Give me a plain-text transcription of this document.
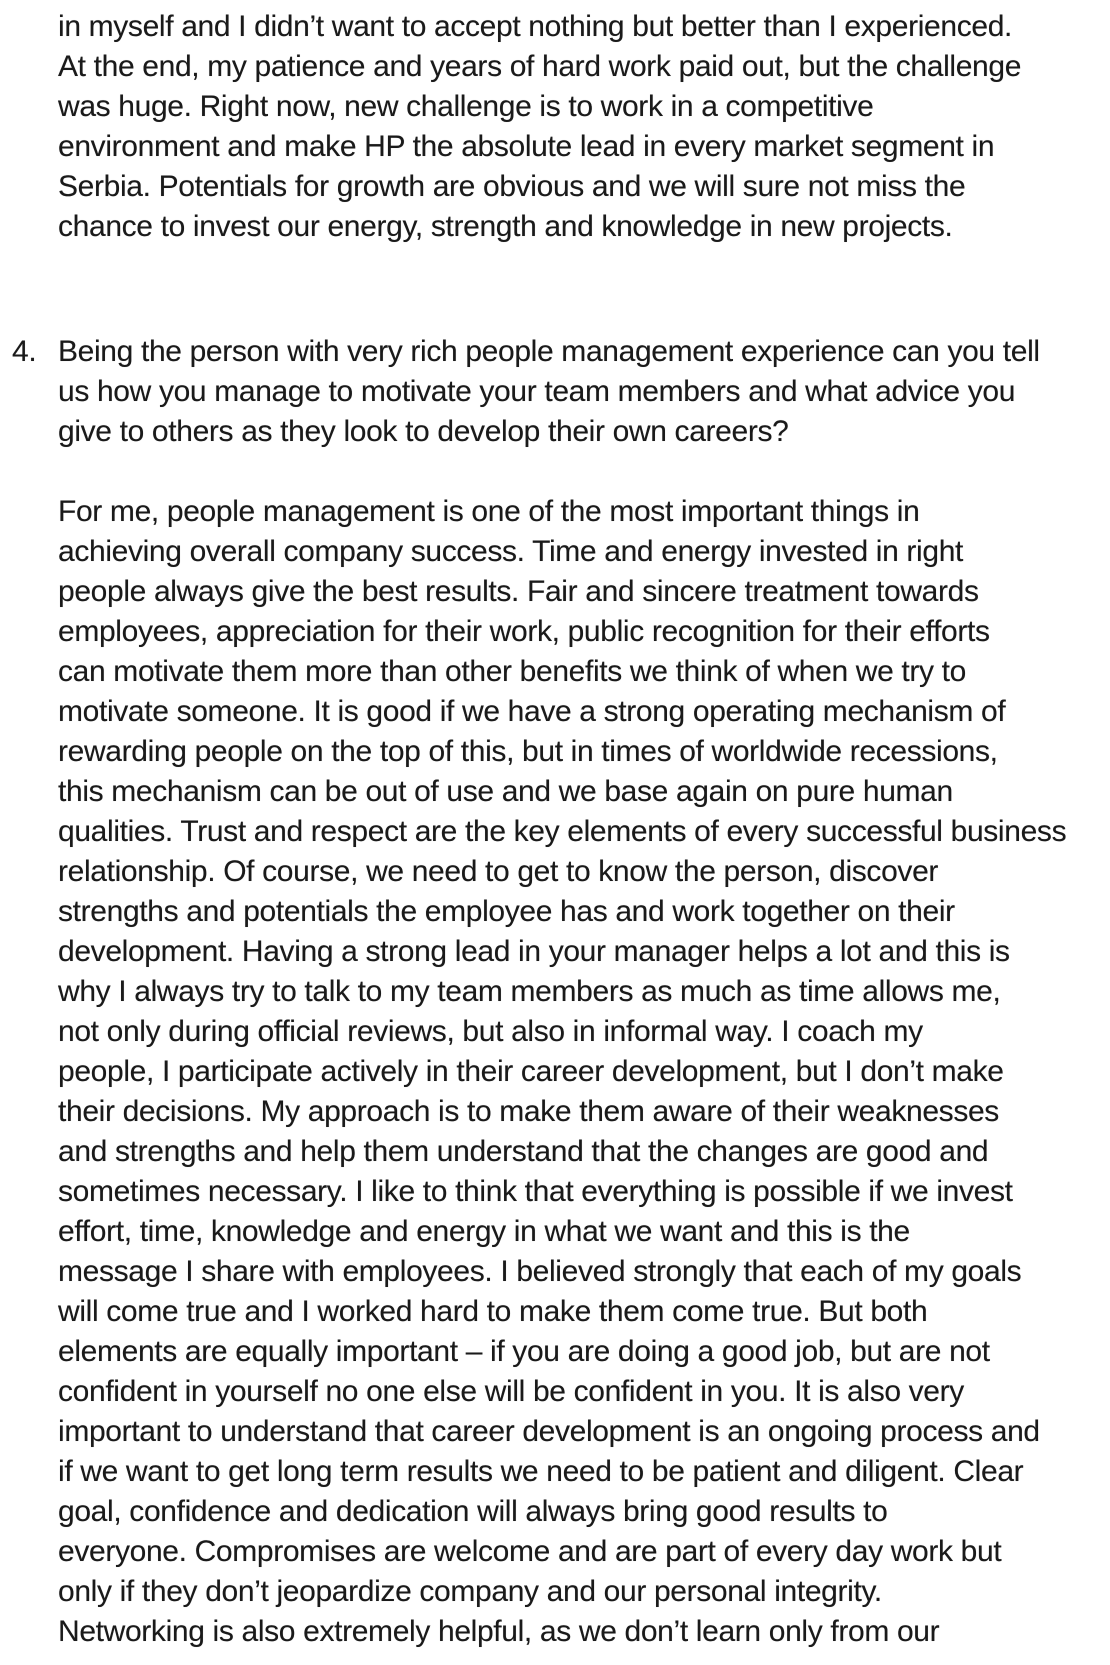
in myself and I didn’t want to accept nothing but better than I experienced.
At the end, my patience and years of hard work paid out, but the challenge
was huge. Right now, new challenge is to work in a competitive
environment and make HP the absolute lead in every market segment in
Serbia. Potentials for growth are obvious and we will sure not miss the
chance to invest our energy, strength and knowledge in new projects.
4. Being the person with very rich people management experience can you tell
us how you manage to motivate your team members and what advice you
give to others as they look to develop their own careers?
For me, people management is one of the most important things in
achieving overall company success. Time and energy invested in right
people always give the best results. Fair and sincere treatment towards
employees, appreciation for their work, public recognition for their efforts
can motivate them more than other benefits we think of when we try to
motivate someone. It is good if we have a strong operating mechanism of
rewarding people on the top of this, but in times of worldwide recessions,
this mechanism can be out of use and we base again on pure human
qualities. Trust and respect are the key elements of every successful business
relationship. Of course, we need to get to know the person, discover
strengths and potentials the employee has and work together on their
development. Having a strong lead in your manager helps a lot and this is
why I always try to talk to my team members as much as time allows me,
not only during official reviews, but also in informal way. I coach my
people, I participate actively in their career development, but I don’t make
their decisions. My approach is to make them aware of their weaknesses
and strengths and help them understand that the changes are good and
sometimes necessary. I like to think that everything is possible if we invest
effort, time, knowledge and energy in what we want and this is the
message I share with employees. I believed strongly that each of my goals
will come true and I worked hard to make them come true. But both
elements are equally important – if you are doing a good job, but are not
confident in yourself no one else will be confident in you. It is also very
important to understand that career development is an ongoing process and
if we want to get long term results we need to be patient and diligent. Clear
goal, confidence and dedication will always bring good results to
everyone. Compromises are welcome and are part of every day work but
only if they don’t jeopardize company and our personal integrity.
Networking is also extremely helpful, as we don’t learn only from our
